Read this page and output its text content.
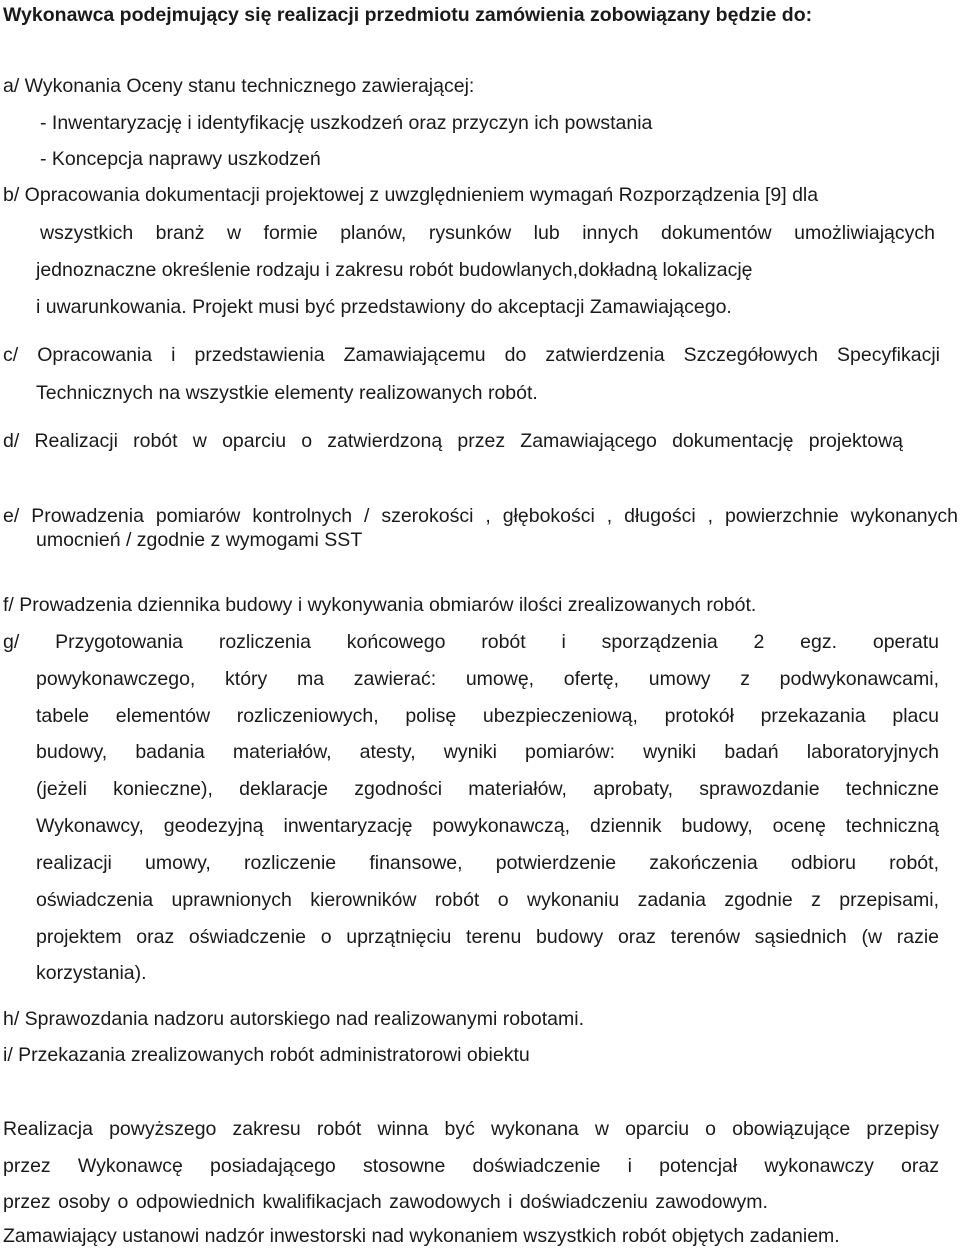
Wykonawca podejmujący się realizacji przedmiotu zamówienia zobowiązany będzie do:
a/ Wykonania Oceny stanu technicznego zawierającej:
- Inwentaryzację i identyfikację uszkodzeń oraz przyczyn ich powstania
- Koncepcja naprawy uszkodzeń
b/ Opracowania dokumentacji projektowej z uwzględnieniem wymagań Rozporządzenia [9] dla
wszystkich branż w formie planów, rysunków lub innych dokumentów umożliwiających
jednoznaczne określenie rodzaju i zakresu robót budowlanych,dokładną lokalizację
i uwarunkowania. Projekt musi być przedstawiony do akceptacji Zamawiającego.
c/ Opracowania i przedstawienia Zamawiającemu do zatwierdzenia Szczegółowych Specyfikacji
Technicznych na wszystkie elementy realizowanych robót.
d/ Realizacji robót w oparciu o zatwierdzoną przez Zamawiającego dokumentację projektową
e/ Prowadzenia pomiarów kontrolnych / szerokości , głębokości , długości , powierzchnie wykonanych
umocnień / zgodnie z wymogami SST
f/ Prowadzenia dziennika budowy i wykonywania obmiarów ilości zrealizowanych robót.
g/ Przygotowania rozliczenia końcowego robót i sporządzenia 2 egz. operatu
powykonawczego, który ma zawierać: umowę, ofertę, umowy z podwykonawcami,
tabele elementów rozliczeniowych, polisę ubezpieczeniową, protokół przekazania placu
budowy, badania materiałów, atesty, wyniki pomiarów: wyniki badań laboratoryjnych
(jeżeli konieczne), deklaracje zgodności materiałów, aprobaty, sprawozdanie techniczne
Wykonawcy, geodezyjną inwentaryzację powykonawczą, dziennik budowy, ocenę techniczną
realizacji umowy, rozliczenie finansowe, potwierdzenie zakończenia odbioru robót,
oświadczenia uprawnionych kierowników robót o wykonaniu zadania zgodnie z przepisami,
projektem oraz oświadczenie o uprzątnięciu terenu budowy oraz terenów sąsiednich (w razie
korzystania).
h/ Sprawozdania nadzoru autorskiego nad realizowanymi robotami.
i/ Przekazania zrealizowanych robót administratorowi obiektu
Realizacja powyższego zakresu robót winna być wykonana w oparciu o obowiązujące przepisy
przez Wykonawcę posiadającego stosowne doświadczenie i potencjał wykonawczy oraz
przez osoby o odpowiednich kwalifikacjach zawodowych i doświadczeniu zawodowym.
Zamawiający ustanowi nadzór inwestorski nad wykonaniem wszystkich robót objętych zadaniem.
